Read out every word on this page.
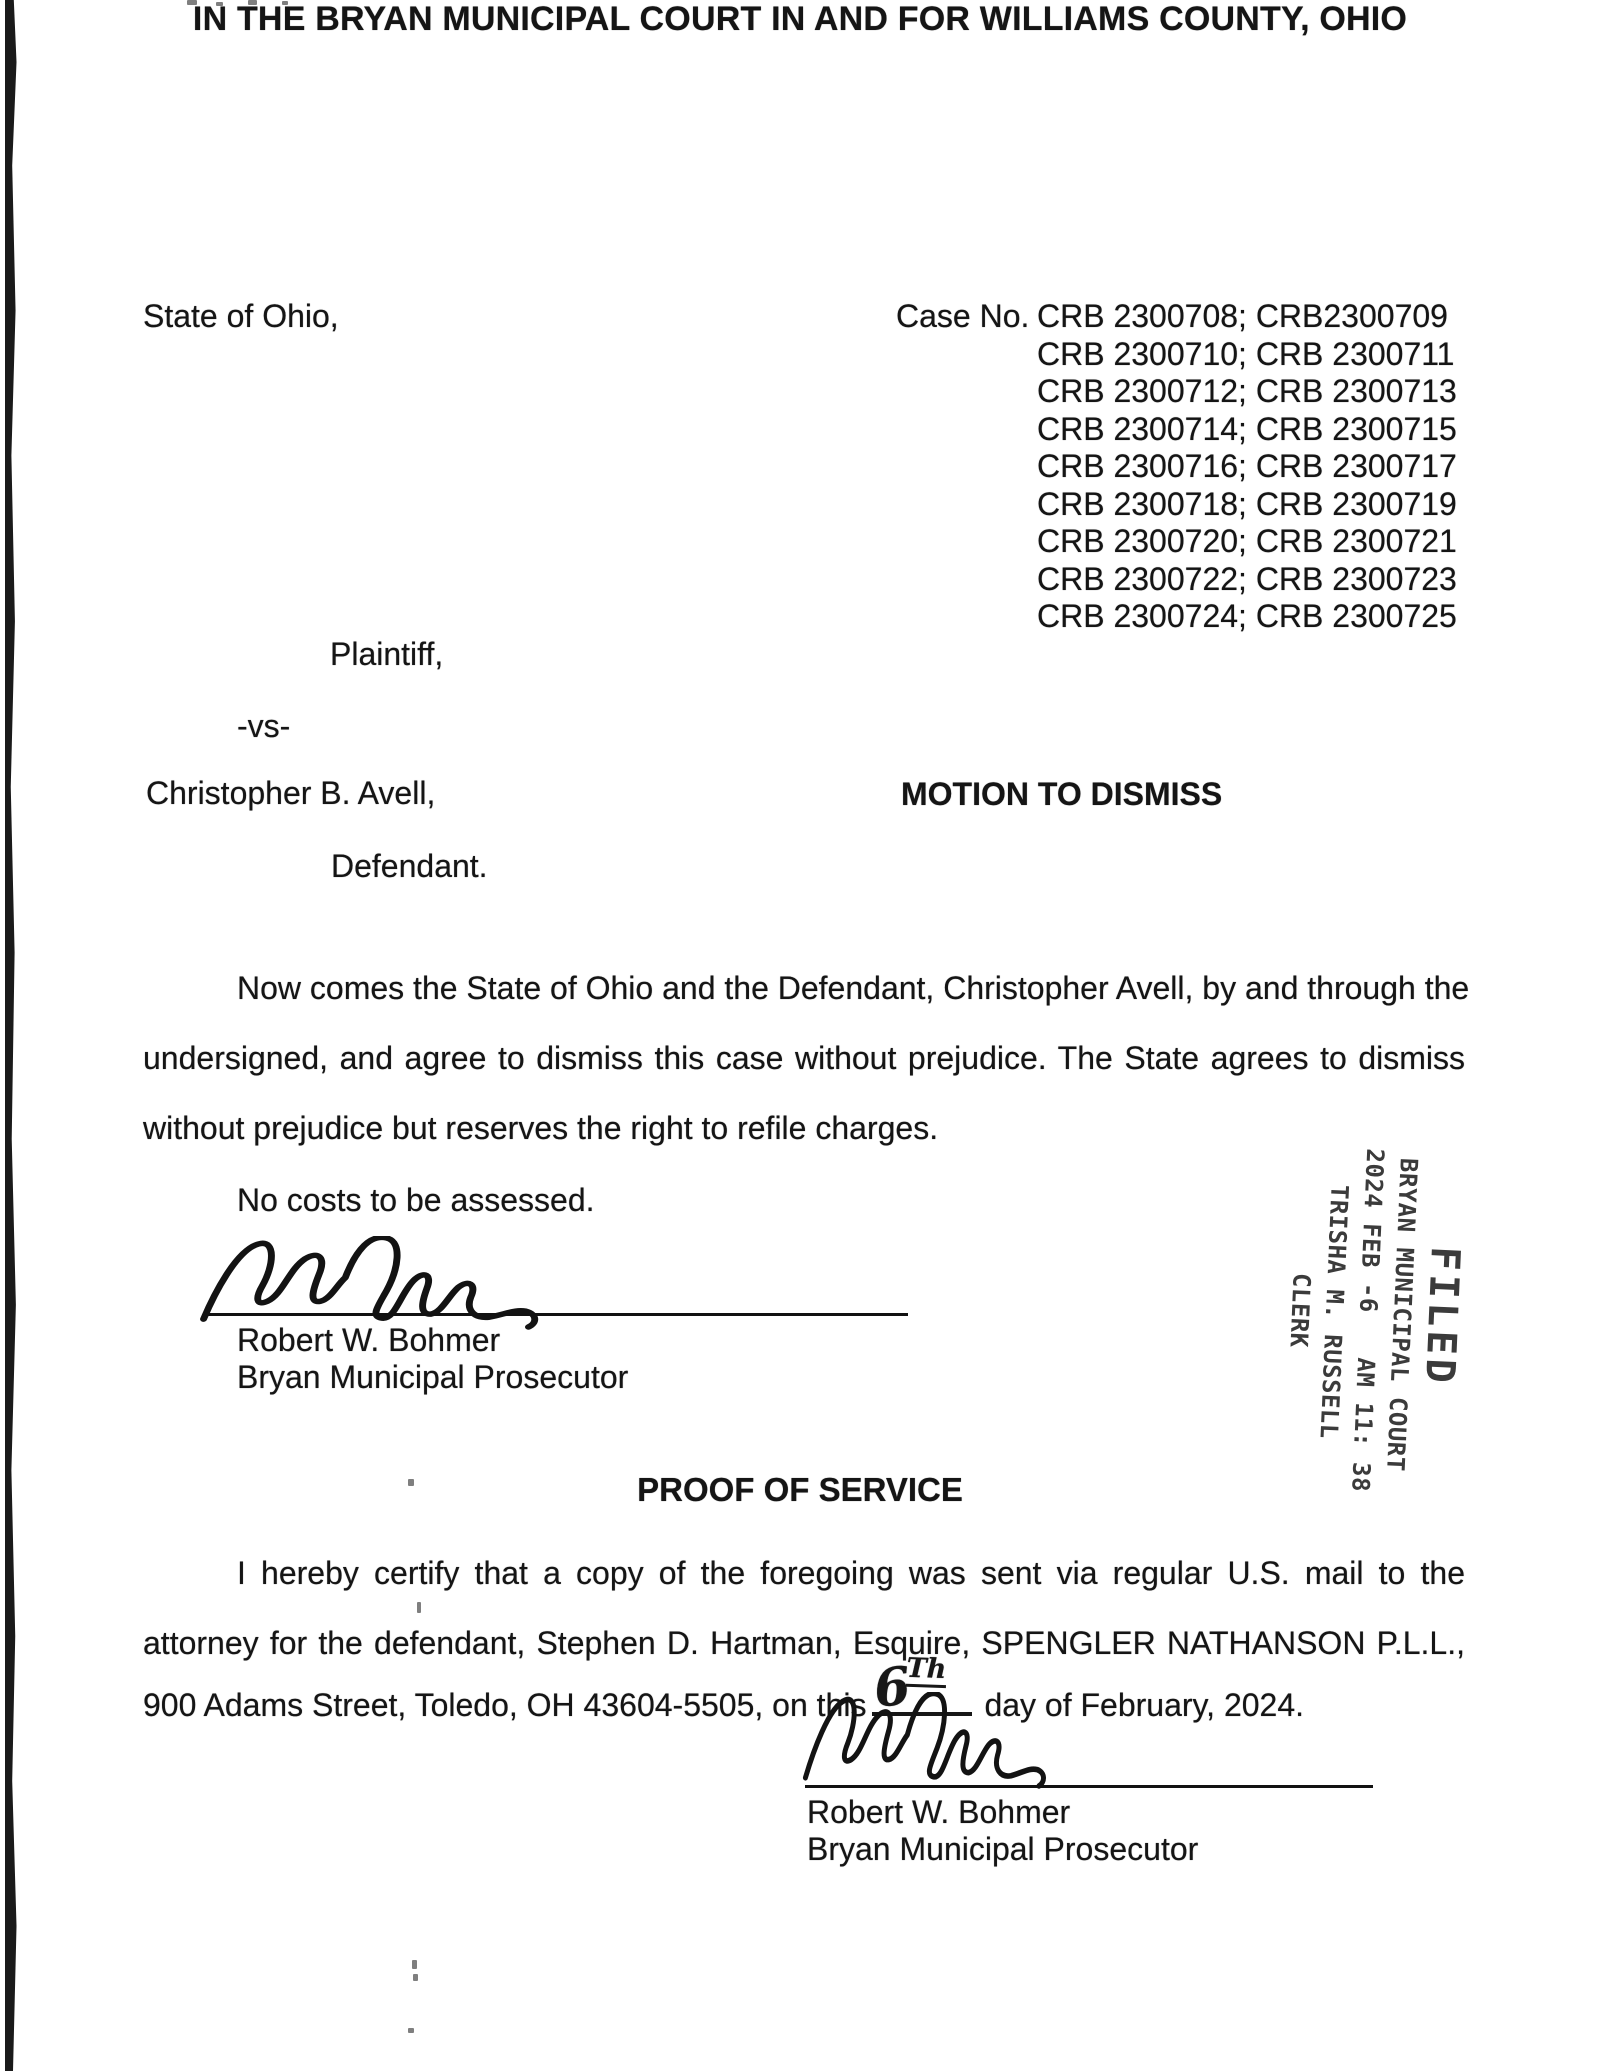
IN THE BRYAN MUNICIPAL COURT IN AND FOR WILLIAMS COUNTY, OHIO
State of Ohio,
Plaintiff,
-vs-
Christopher B. Avell,
Defendant.
Case No. CRB 2300708; CRB2300709
CRB 2300710; CRB 2300711
CRB 2300712; CRB 2300713
CRB 2300714; CRB 2300715
CRB 2300716; CRB 2300717
CRB 2300718; CRB 2300719
CRB 2300720; CRB 2300721
CRB 2300722; CRB 2300723
CRB 2300724; CRB 2300725
MOTION TO DISMISS
Now comes the State of Ohio and the Defendant, Christopher Avell, by and through the
undersigned, and agree to dismiss this case without prejudice. The State agrees to dismiss
without prejudice but reserves the right to refile charges.
No costs to be assessed.
Robert W. Bohmer
Bryan Municipal Prosecutor	FILED
BRYAN MUNICIPAL COURT
2024 FEB -6   AM 11: 38
TRISHA M. RUSSELL
CLERK
PROOF OF SERVICE
I hereby certify that a copy of the foregoing was sent via regular U.S. mail to the
attorney for the defendant, Stephen D. Hartman, Esquire, SPENGLER NATHANSON P.L.L.,
900 Adams Street, Toledo, OH 43604-5505, on this 6Th
day of February, 2024.
Robert W. Bohmer
Bryan Municipal Prosecutor
